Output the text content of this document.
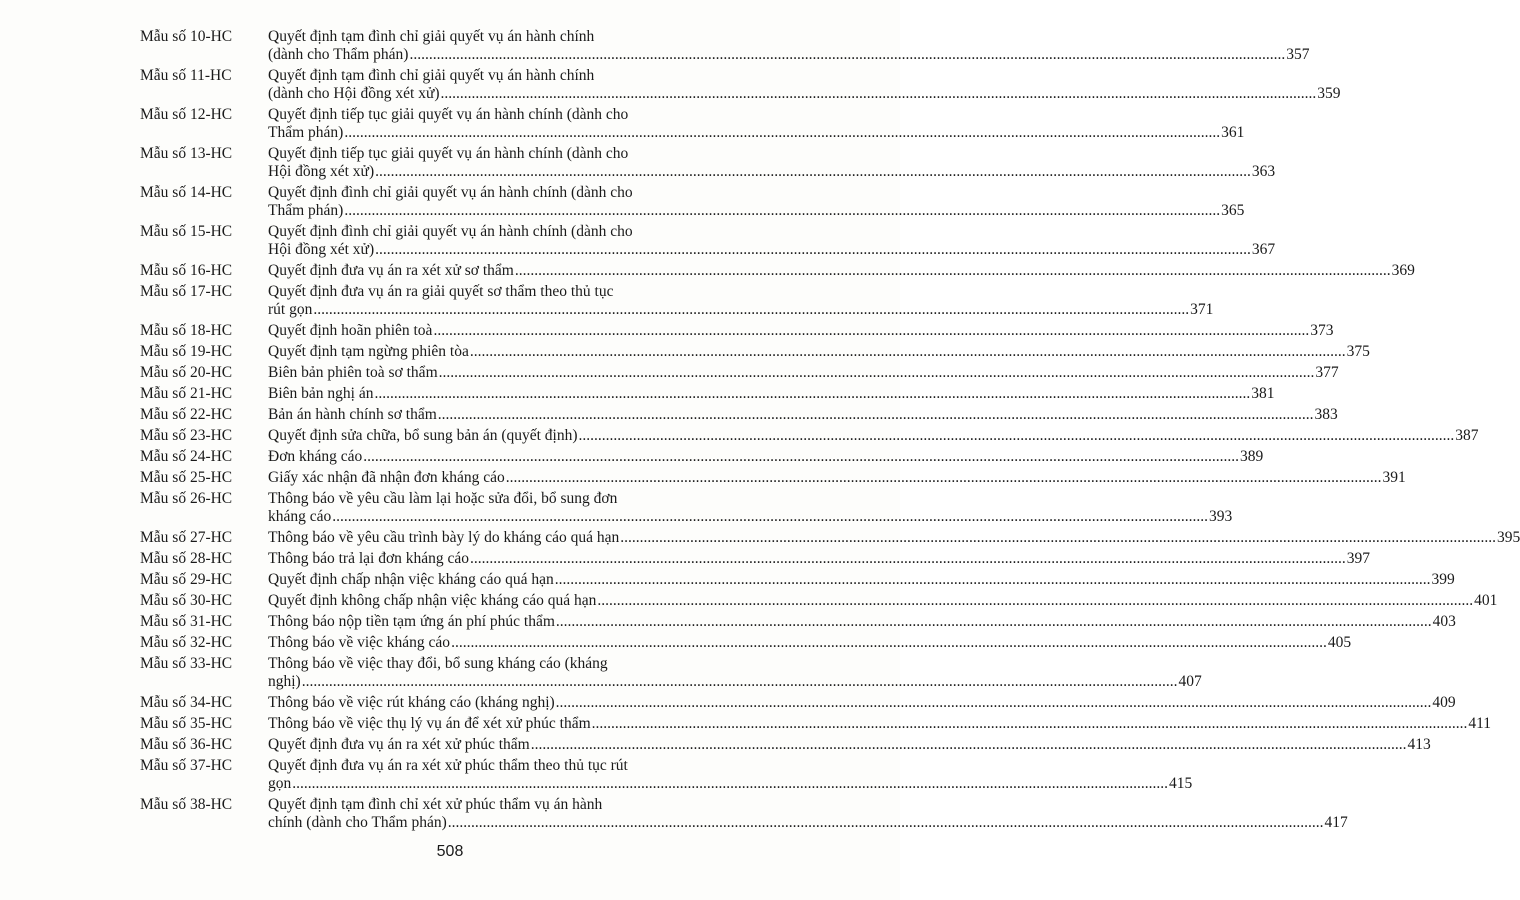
Mẫu số 10-HC	Quyết định tạm đình chỉ giải quyết vụ án hành chính
(dành cho Thẩm phán) .....	357
Mẫu số 11-HC	Quyết định tạm đình chỉ giải quyết vụ án hành chính
(dành cho Hội đồng xét xử) .....	359
Mẫu số 12-HC	Quyết định tiếp tục giải quyết vụ án hành chính (dành cho
Thẩm phán) .....	361
Mẫu số 13-HC	Quyết định tiếp tục giải quyết vụ án hành chính (dành cho
Hội đồng xét xử) .....	363
Mẫu số 14-HC	Quyết định đình chỉ giải quyết vụ án hành chính (dành cho
Thẩm phán) .....	365
Mẫu số 15-HC	Quyết định đình chỉ giải quyết vụ án hành chính (dành cho
Hội đồng xét xử) .....	367
Mẫu số 16-HC	Quyết định đưa vụ án ra xét xử sơ thẩm .....	369
Mẫu số 17-HC	Quyết định đưa vụ án ra giải quyết sơ thẩm theo thủ tục
rút gọn .....	371
Mẫu số 18-HC	Quyết định hoãn phiên toà .....	373
Mẫu số 19-HC	Quyết định tạm ngừng phiên tòa .....	375
Mẫu số 20-HC	Biên bản phiên toà sơ thẩm .....	377
Mẫu số 21-HC	Biên bản nghị án .....	381
Mẫu số 22-HC	Bản án hành chính sơ thẩm .....	383
Mẫu số 23-HC	Quyết định sửa chữa, bổ sung bản án (quyết định) .....	387
Mẫu số 24-HC	Đơn kháng cáo .....	389
Mẫu số 25-HC	Giấy xác nhận đã nhận đơn kháng cáo .....	391
Mẫu số 26-HC	Thông báo về yêu cầu làm lại hoặc sửa đổi, bổ sung đơn
kháng cáo .....	393
Mẫu số 27-HC	Thông báo về yêu cầu trình bày lý do kháng cáo quá hạn .....	395
Mẫu số 28-HC	Thông báo trả lại đơn kháng cáo .....	397
Mẫu số 29-HC	Quyết định chấp nhận việc kháng cáo quá hạn .....	399
Mẫu số 30-HC	Quyết định không chấp nhận việc kháng cáo quá hạn .....	401
Mẫu số 31-HC	Thông báo nộp tiền tạm ứng án phí phúc thẩm .....	403
Mẫu số 32-HC	Thông báo về việc kháng cáo .....	405
Mẫu số 33-HC	Thông báo về việc thay đổi, bổ sung kháng cáo (kháng
nghị) .....	407
Mẫu số 34-HC	Thông báo về việc rút kháng cáo (kháng nghị) .....	409
Mẫu số 35-HC	Thông báo về việc thụ lý vụ án để xét xử phúc thẩm .....	411
Mẫu số 36-HC	Quyết định đưa vụ án ra xét xử phúc thẩm .....	413
Mẫu số 37-HC	Quyết định đưa vụ án ra xét xử phúc thẩm theo thủ tục rút
gọn .....	415
Mẫu số 38-HC	Quyết định tạm đình chỉ xét xử phúc thẩm vụ án hành
chính (dành cho Thẩm phán) .....	417
508
